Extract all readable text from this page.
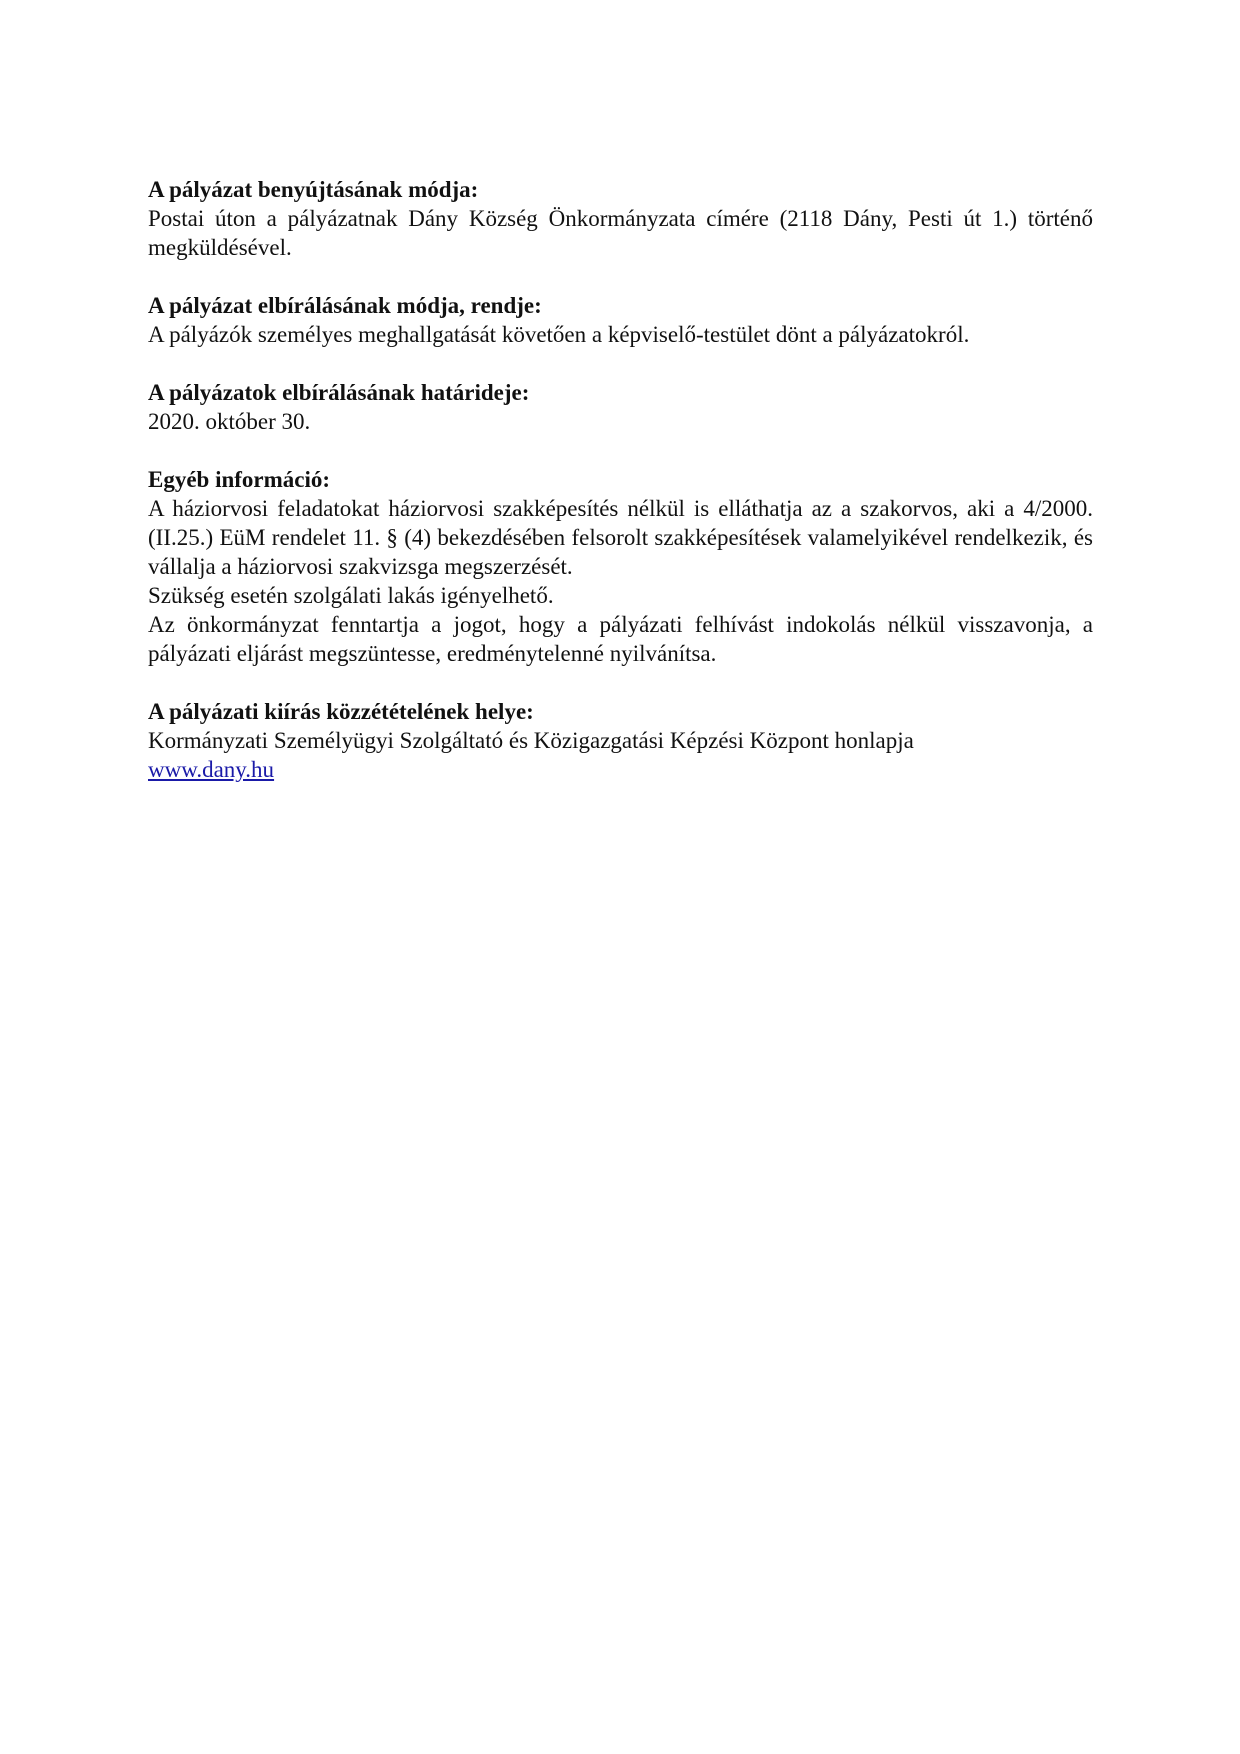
A pályázat benyújtásának módja:

Postai úton a pályázatnak Dány Község Önkormányzata címére (2118 Dány, Pesti út 1.) történő megküldésével.

A pályázat elbírálásának módja, rendje:

A pályázók személyes meghallgatását követően a képviselő-testület dönt a pályázatokról.

A pályázatok elbírálásának határideje:

2020. október 30.

Egyéb információ:

A háziorvosi feladatokat háziorvosi szakképesítés nélkül is elláthatja az a szakorvos, aki a 4/2000. (II.25.) EüM rendelet 11. § (4) bekezdésében felsorolt szakképesítések valamelyikével rendelkezik, és vállalja a háziorvosi szakvizsga megszerzését.

Szükség esetén szolgálati lakás igényelhető.

Az önkormányzat fenntartja a jogot, hogy a pályázati felhívást indokolás nélkül visszavonja, a pályázati eljárást megszüntesse, eredménytelenné nyilvánítsa.

A pályázati kiírás közzétételének helye:

Kormányzati Személyügyi Szolgáltató és Közigazgatási Képzési Központ honlapja

www.dany.hu
